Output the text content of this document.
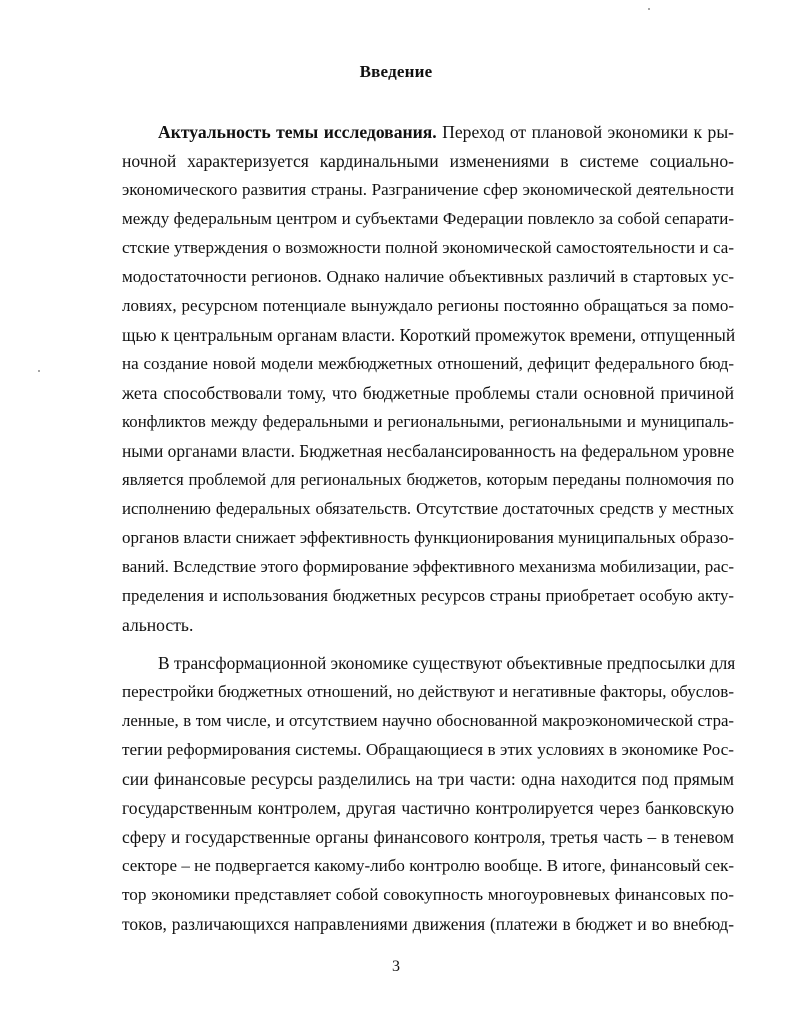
Введение
Актуальность темы исследования. Переход от плановой экономики к ры-
ночной характеризуется кардинальными изменениями в системе социально-
экономического развития страны. Разграничение сфер экономической деятельности
между федеральным центром и субъектами Федерации повлекло за собой сепарати-
стские утверждения о возможности полной экономической самостоятельности и са-
модостаточности регионов. Однако наличие объективных различий в стартовых ус-
ловиях, ресурсном потенциале вынуждало регионы постоянно обращаться за помо-
щью к центральным органам власти. Короткий промежуток времени, отпущенный
на создание новой модели межбюджетных отношений, дефицит федерального бюд-
жета способствовали тому, что бюджетные проблемы стали основной причиной
конфликтов между федеральными и региональными, региональными и муниципаль-
ными органами власти. Бюджетная несбалансированность на федеральном уровне
является проблемой для региональных бюджетов, которым переданы полномочия по
исполнению федеральных обязательств. Отсутствие достаточных средств у местных
органов власти снижает эффективность функционирования муниципальных образо-
ваний. Вследствие этого формирование эффективного механизма мобилизации, рас-
пределения и использования бюджетных ресурсов страны приобретает особую акту-
альность.
В трансформационной экономике существуют объективные предпосылки для
перестройки бюджетных отношений, но действуют и негативные факторы, обуслов-
ленные, в том числе, и отсутствием научно обоснованной макроэкономической стра-
тегии реформирования системы. Обращающиеся в этих условиях в экономике Рос-
сии финансовые ресурсы разделились на три части: одна находится под прямым
государственным контролем, другая частично контролируется через банковскую
сферу и государственные органы финансового контроля, третья часть – в теневом
секторе – не подвергается какому-либо контролю вообще. В итоге, финансовый сек-
тор экономики представляет собой совокупность многоуровневых финансовых по-
токов, различающихся направлениями движения (платежи в бюджет и во внебюд-
3
